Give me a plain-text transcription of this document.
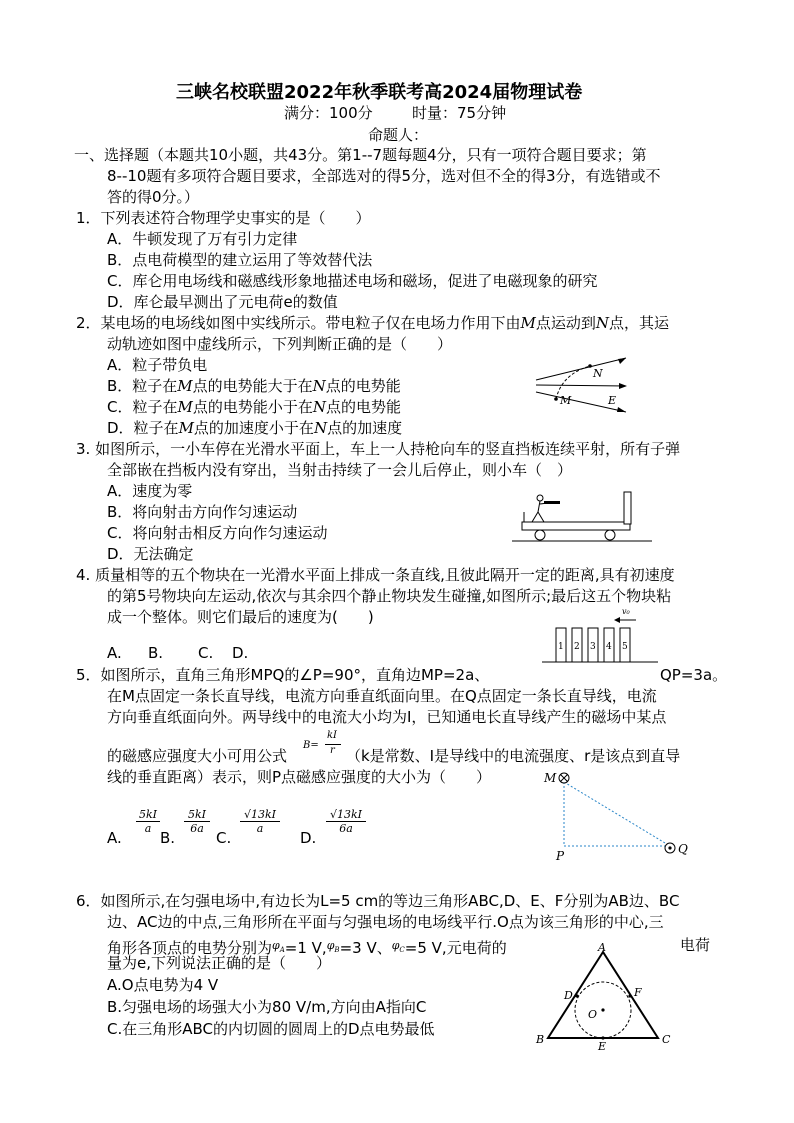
三峡名校联盟2022年秋季联考高2024届物理试卷
满分：100分	时量：75分钟
命题人：
一、选择题（本题共10小题，共43分。第1--7题每题4分，只有一项符合题目要求；第
8--10题有多项符合题目要求，全部选对的得5分，选对但不全的得3分，有选错或不
答的得0分。）
1．下列表述符合物理学史事实的是（　　）
A．牛顿发现了万有引力定律
B．点电荷模型的建立运用了等效替代法
C．库仑用电场线和磁感线形象地描述电场和磁场，促进了电磁现象的研究
D．库仑最早测出了元电荷e的数值
2．某电场的电场线如图中实线所示。带电粒子仅在电场力作用下由M点运动到N点，其运
动轨迹如图中虚线所示，下列判断正确的是（　　）
A．粒子带负电
B．粒子在M点的电势能大于在N点的电势能
C．粒子在M点的电势能小于在N点的电势能
D．粒子在M点的加速度小于在N点的加速度
N
M	E
3. 如图所示，一小车停在光滑水平面上，车上一人持枪向车的竖直挡板连续平射，所有子弹
全部嵌在挡板内没有穿出，当射击持续了一会儿后停止，则小车（　）
A．速度为零
B．将向射击方向作匀速运动
C．将向射击相反方向作匀速运动
D．无法确定
4. 质量相等的五个物块在一光滑水平面上排成一条直线,且彼此隔开一定的距离,具有初速度
的第5号物块向左运动,依次与其余四个静止物块发生碰撞,如图所示;最后这五个物块粘
成一个整体。则它们最后的速度为(　　)
A. B. C. D.	1 2 3 4 5
v₀
5．如图所示，直角三角形MPQ的∠P=90°，直角边MP=2a、	QP=3a。
在M点固定一条长直导线，电流方向垂直纸面向里。在Q点固定一条长直导线，电流
方向垂直纸面向外。两导线中的电流大小均为I，已知通电长直导线产生的磁场中某点
的磁感应强度大小可用公式
B=
kI
r （k是常数、I是导线中的电流强度、r是该点到直导
线的垂直距离）表示，则P点磁感应强度的大小为（　　）
A.
5kI
a
B.
5kI
6a
C.
√13kI
a
D.
√13kI
6a
M
P	Q
6．如图所示,在匀强电场中,有边长为L=5 cm的等边三角形ABC,D、E、F分别为AB边、BC
边、AC边的中点,三角形所在平面与匀强电场的电场线平行.O点为该三角形的中心,三
角形各顶点的电势分别为$^{\varphi_A}$=1 V,$^{\varphi_B}$=3 V、$^{\varphi_C}$=5 V,元电荷的	电荷
量为e,下列说法正确的是（　　）
A.O点电势为4 V
B.匀强电场的场强大小为80 V/m,方向由A指向C
C.在三角形ABC的内切圆的圆周上的D点电势最低
A
B	C
D	F
E
O
